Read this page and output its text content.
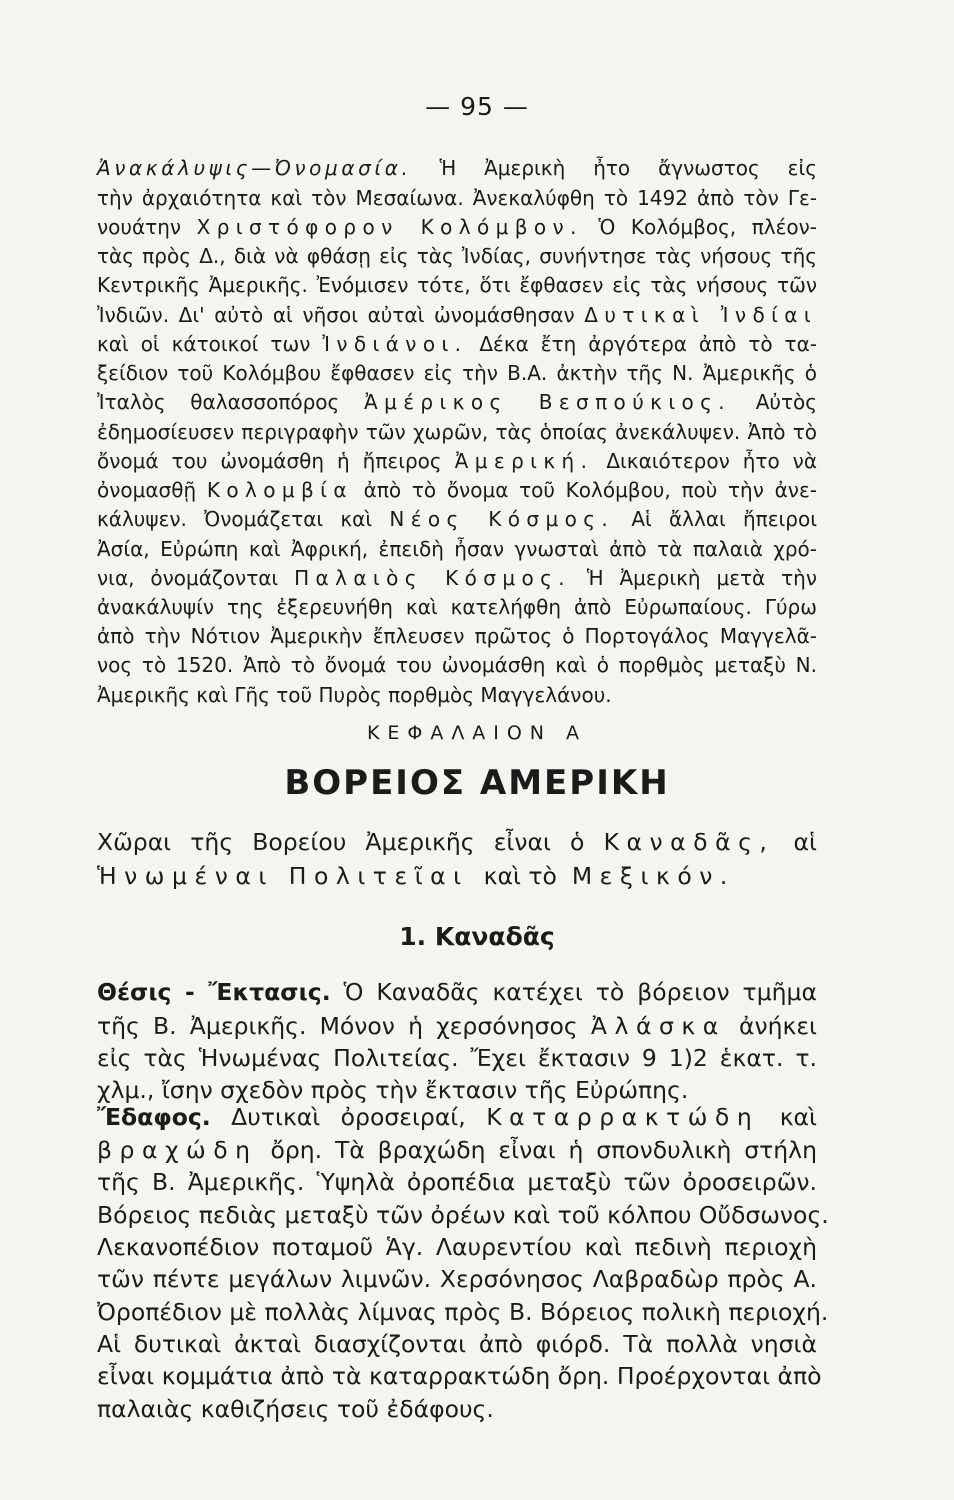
— 95 —
Ἀνακάλυψις—Ὀνομασία. Ἡ Ἀμερικὴ ἦτο ἄγνωστος εἰς
τὴν ἀρχαιότητα καὶ τὸν Μεσαίωνα. Ἀνεκαλύφθη τὸ 1492 ἀπὸ τὸν Γε-
νουάτην Χριστόφορον Κολόμβον. Ὁ Κολόμβος, πλέον-
τὰς πρὸς Δ., διὰ νὰ φθάσῃ εἰς τὰς Ἰνδίας, συνήντησε τὰς νήσους τῆς
Κεντρικῆς Ἀμερικῆς. Ἐνόμισεν τότε, ὅτι ἔφθασεν εἰς τὰς νήσους τῶν
Ἰνδιῶν. Δι' αὐτὸ αἱ νῆσοι αὐταὶ ὠνομάσθησαν Δυτικαὶ Ἰνδίαι
καὶ οἱ κάτοικοί των Ἰνδιάνοι. Δέκα ἔτη ἀργότερα ἀπὸ τὸ τα-
ξείδιον τοῦ Κολόμβου ἔφθασεν εἰς τὴν Β.Α. ἀκτὴν τῆς Ν. Ἀμερικῆς ὁ
Ἰταλὸς θαλασσοπόρος Ἀμέρικος Βεσπούκιος. Αὐτὸς
ἐδημοσίευσεν περιγραφὴν τῶν χωρῶν, τὰς ὁποίας ἀνεκάλυψεν. Ἀπὸ τὸ
ὄνομά του ὠνομάσθη ἡ ἤπειρος Ἀμερική. Δικαιότερον ἦτο νὰ
ὀνομασθῇ Κολομβία ἀπὸ τὸ ὄνομα τοῦ Κολόμβου, ποὺ τὴν ἀνε-
κάλυψεν. Ὀνομάζεται καὶ Νέος Κόσμος. Αἱ ἄλλαι ἤπειροι
Ἀσία, Εὐρώπη καὶ Ἀφρική, ἐπειδὴ ἦσαν γνωσταὶ ἀπὸ τὰ παλαιὰ χρό-
νια, ὀνομάζονται Παλαιὸς Κόσμος. Ἡ Ἀμερικὴ μετὰ τὴν
ἀνακάλυψίν της ἐξερευνήθη καὶ κατελήφθη ἀπὸ Εὐρωπαίους. Γύρω
ἀπὸ τὴν Νότιον Ἀμερικὴν ἔπλευσεν πρῶτος ὁ Πορτογάλος Μαγγελᾶ-
νος τὸ 1520. Ἀπὸ τὸ ὄνομά του ὠνομάσθη καὶ ὁ πορθμὸς μεταξὺ Ν.
Ἀμερικῆς καὶ Γῆς τοῦ Πυρὸς πορθμὸς Μαγγελάνου.
ΚΕΦΑΛΑΙΟΝ Α
ΒΟΡΕΙΟΣ ΑΜΕΡΙΚΗ
Χῶραι τῆς Βορείου Ἀμερικῆς εἶναι ὁ Καναδᾶς, αἱ
Ἡνωμέναι Πολιτεῖαι καὶ τὸ Μεξικόν.
1. Καναδᾶς
Θέσις - Ἔκτασις. Ὁ Καναδᾶς κατέχει τὸ βόρειον τμῆμα
τῆς Β. Ἀμερικῆς. Μόνον ἡ χερσόνησος Ἀλάσκα ἀνήκει
εἰς τὰς Ἡνωμένας Πολιτείας. Ἔχει ἔκτασιν 9 1)2 ἑκατ. τ.
χλμ., ἴσην σχεδὸν πρὸς τὴν ἔκτασιν τῆς Εὐρώπης.
Ἔδαφος. Δυτικαὶ ὀροσειραί, Καταρρακτώδη καὶ
βραχώδη ὄρη. Τὰ βραχώδη εἶναι ἡ σπονδυλικὴ στήλη
τῆς Β. Ἀμερικῆς. Ὑψηλὰ ὀροπέδια μεταξὺ τῶν ὀροσειρῶν.
Βόρειος πεδιὰς μεταξὺ τῶν ὀρέων καὶ τοῦ κόλπου Οὔδσωνος.
Λεκανοπέδιον ποταμοῦ Ἁγ. Λαυρεντίου καὶ πεδινὴ περιοχὴ
τῶν πέντε μεγάλων λιμνῶν. Χερσόνησος Λαβραδὼρ πρὸς Α.
Ὀροπέδιον μὲ πολλὰς λίμνας πρὸς Β. Βόρειος πολικὴ περιοχή.
Αἱ δυτικαὶ ἀκταὶ διασχίζονται ἀπὸ φιόρδ. Τὰ πολλὰ νησιὰ
εἶναι κομμάτια ἀπὸ τὰ καταρρακτώδη ὄρη. Προέρχονται ἀπὸ
παλαιὰς καθιζήσεις τοῦ ἐδάφους.
